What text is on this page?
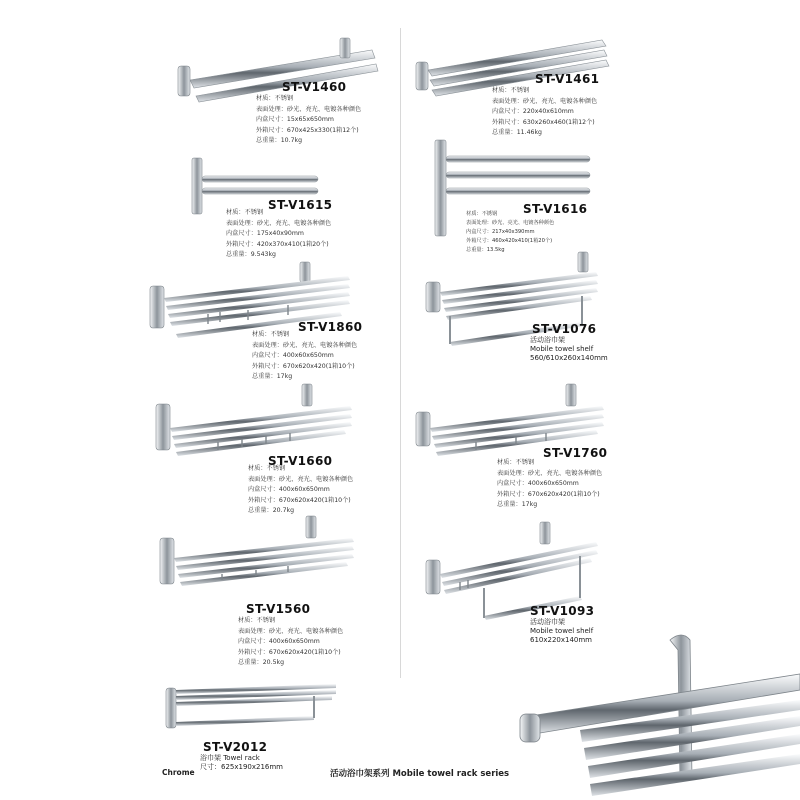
ST-V1460
材质：不锈钢
表面处理：砂光、亮光、电镀各种颜色
内盒尺寸：15x65x650mm
外箱尺寸：670x425x330(1箱12个)
总重量：10.7kg
ST-V1461
材质：不锈钢
表面处理：砂光、亮光、电镀各种颜色
内盒尺寸：220x40x610mm
外箱尺寸：630x260x460(1箱12个)
总重量：11.46kg
ST-V1615
材质：不锈钢
表面处理：砂光、亮光、电镀各种颜色
内盒尺寸：175x40x90mm
外箱尺寸：420x370x410(1箱20个)
总重量：9.543kg
ST-V1616
材质：不锈钢
表面处理：砂光、亮光、电镀各种颜色
内盒尺寸：217x40x390mm
外箱尺寸：460x420x410(1箱20个)
总重量：13.5kg
ST-V1860
材质：不锈钢
表面处理：砂光、亮光、电镀各种颜色
内盒尺寸：400x60x650mm
外箱尺寸：670x620x420(1箱10个)
总重量：17kg
ST-V1076
活动浴巾架
Mobile towel shelf
560/610x260x140mm
ST-V1660
材质：不锈钢
表面处理：砂光、亮光、电镀各种颜色
内盒尺寸：400x60x650mm
外箱尺寸：670x620x420(1箱10个)
总重量：20.7kg
ST-V1760
材质：不锈钢
表面处理：砂光、亮光、电镀各种颜色
内盒尺寸：400x60x650mm
外箱尺寸：670x620x420(1箱10个)
总重量：17kg
ST-V1560
材质：不锈钢
表面处理：砂光、亮光、电镀各种颜色
内盒尺寸：400x60x650mm
外箱尺寸：670x620x420(1箱10个)
总重量：20.5kg
ST-V1093
活动浴巾架
Mobile towel shelf
610x220x140mm
ST-V2012
浴巾架 Towel rack
尺寸：625x190x216mm
Chrome	活动浴巾架系列 Mobile towel rack series
